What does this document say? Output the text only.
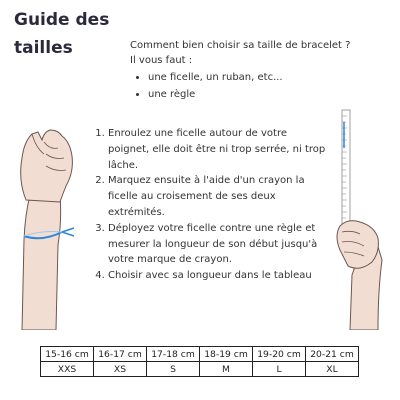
Guide des
tailles	Comment bien choisir sa taille de bracelet ?

Il vous faut :

• une ficelle, un ruban, etc...
• une règle
1. Enroulez une ficelle autour de votre poignet, elle doit être ni trop serrée, ni trop lâche.
2. Marquez ensuite à l'aide d'un crayon la ficelle au croisement de ses deux extrémités.
3. Déployez votre ficelle contre une règle et mesurer la longueur de son début jusqu'à votre marque de crayon.
4. Choisir avec sa longueur dans le tableau
15-16 cm	16-17 cm	17-18 cm	18-19 cm	19-20 cm	20-21 cm
XXS	XS	S	M	L	XL
